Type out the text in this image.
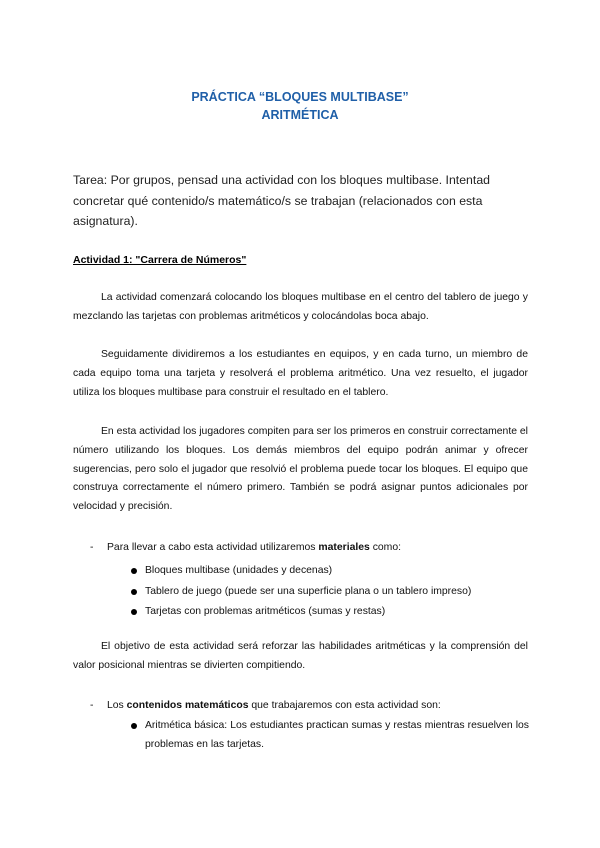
PRÁCTICA “BLOQUES MULTIBASE”
ARITMÉTICA
Tarea: Por grupos, pensad una actividad con los bloques multibase. Intentad concretar qué contenido/s matemático/s se trabajan (relacionados con esta asignatura).
Actividad 1: "Carrera de Números"
La actividad comenzará colocando los bloques multibase en el centro del tablero de juego y mezclando las tarjetas con problemas aritméticos y colocándolas boca abajo.
Seguidamente dividiremos a los estudiantes en equipos, y en cada turno, un miembro de cada equipo toma una tarjeta y resolverá el problema aritmético. Una vez resuelto, el jugador utiliza los bloques multibase para construir el resultado en el tablero.
En esta actividad los jugadores compiten para ser los primeros en construir correctamente el número utilizando los bloques. Los demás miembros del equipo podrán animar y ofrecer sugerencias, pero solo el jugador que resolvió el problema puede tocar los bloques. El equipo que construya correctamente el número primero. También se podrá asignar puntos adicionales por velocidad y precisión.
- Para llevar a cabo esta actividad utilizaremos materiales como:
Bloques multibase (unidades y decenas)
Tablero de juego (puede ser una superficie plana o un tablero impreso)
Tarjetas con problemas aritméticos (sumas y restas)
El objetivo de esta actividad será reforzar las habilidades aritméticas y la comprensión del valor posicional mientras se divierten compitiendo.
- Los contenidos matemáticos que trabajaremos con esta actividad son:
Aritmética básica: Los estudiantes practican sumas y restas mientras resuelven los problemas en las tarjetas.
